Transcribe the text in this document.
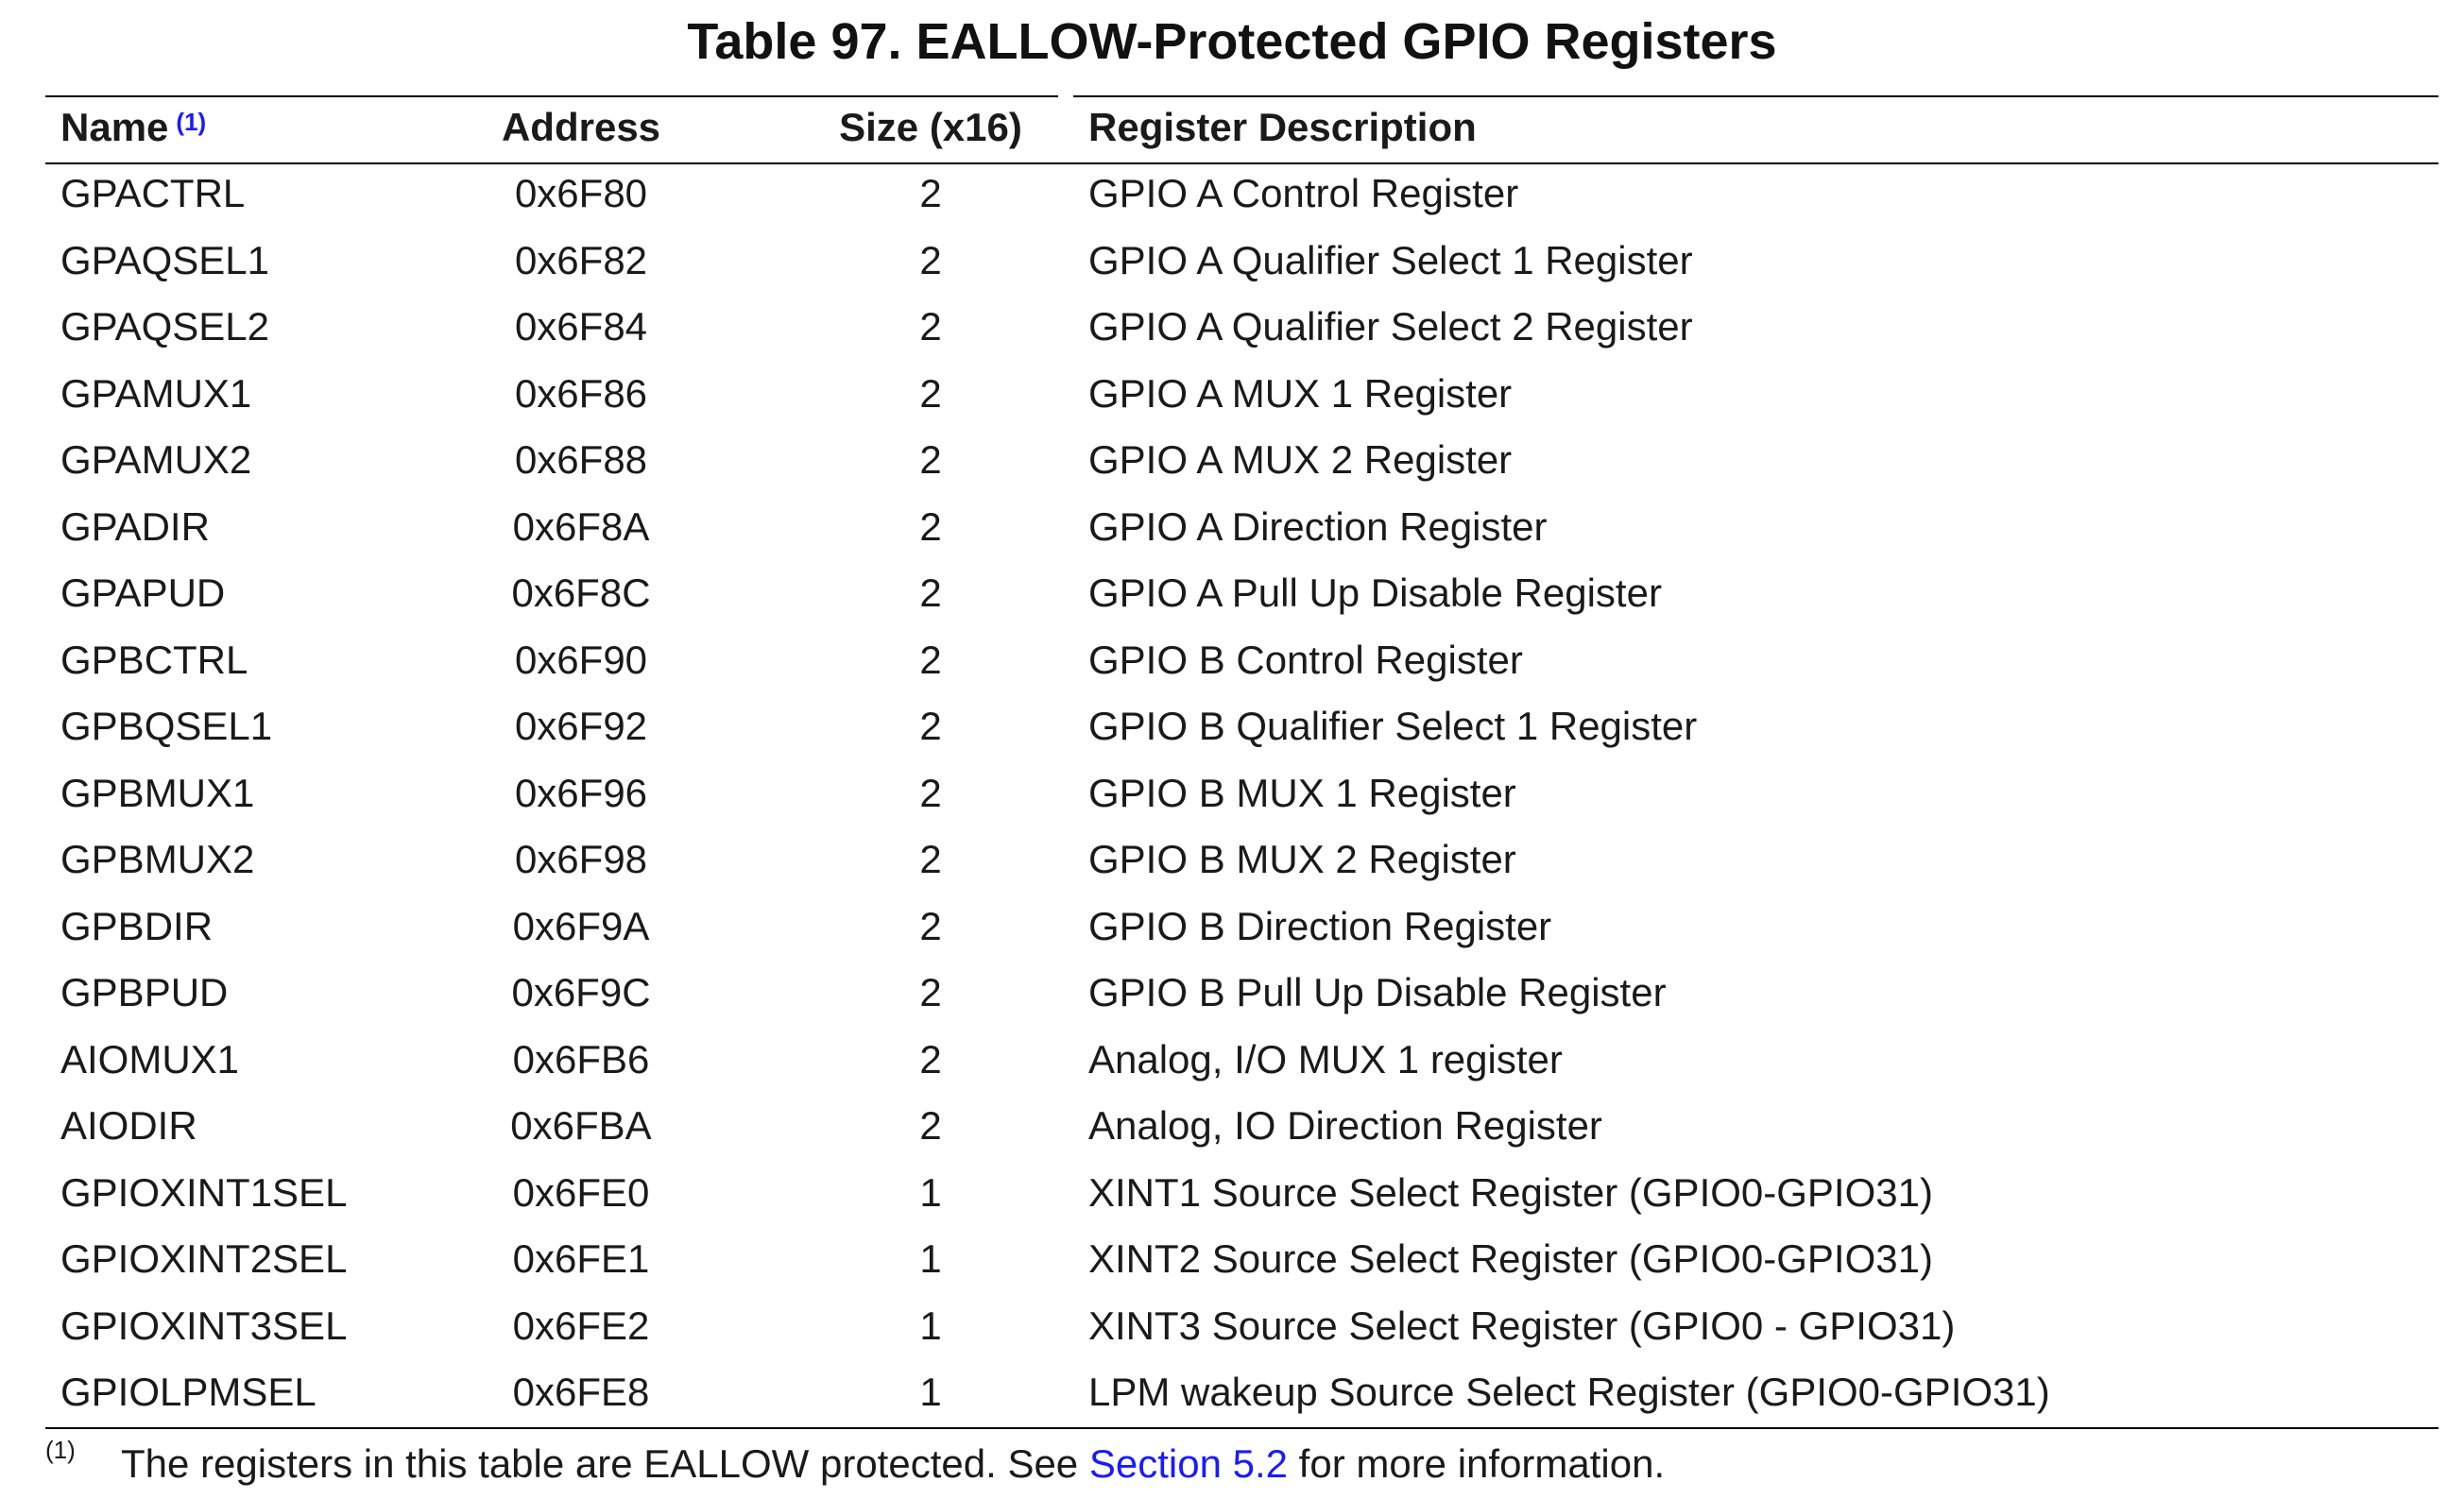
Table 97. EALLOW-Protected GPIO Registers
Name $^{(1)}$	Address	Size (x16)	Register Description
GPACTRL	0x6F80	2	GPIO A Control Register
GPAQSEL1	0x6F82	2	GPIO A Qualifier Select 1 Register
GPAQSEL2	0x6F84	2	GPIO A Qualifier Select 2 Register
GPAMUX1	0x6F86	2	GPIO A MUX 1 Register
GPAMUX2	0x6F88	2	GPIO A MUX 2 Register
GPADIR	0x6F8A	2	GPIO A Direction Register
GPAPUD	0x6F8C	2	GPIO A Pull Up Disable Register
GPBCTRL	0x6F90	2	GPIO B Control Register
GPBQSEL1	0x6F92	2	GPIO B Qualifier Select 1 Register
GPBMUX1	0x6F96	2	GPIO B MUX 1 Register
GPBMUX2	0x6F98	2	GPIO B MUX 2 Register
GPBDIR	0x6F9A	2	GPIO B Direction Register
GPBPUD	0x6F9C	2	GPIO B Pull Up Disable Register
AIOMUX1	0x6FB6	2	Analog, I/O MUX 1 register
AIODIR	0x6FBA	2	Analog, IO Direction Register
GPIOXINT1SEL	0x6FE0	1	XINT1 Source Select Register (GPIO0-GPIO31)
GPIOXINT2SEL	0x6FE1	1	XINT2 Source Select Register (GPIO0-GPIO31)
GPIOXINT3SEL	0x6FE2	1	XINT3 Source Select Register (GPIO0 - GPIO31)
GPIOLPMSEL	0x6FE8	1	LPM wakeup Source Select Register (GPIO0-GPIO31)
(1) The registers in this table are EALLOW protected. See Section 5.2 for more information.
